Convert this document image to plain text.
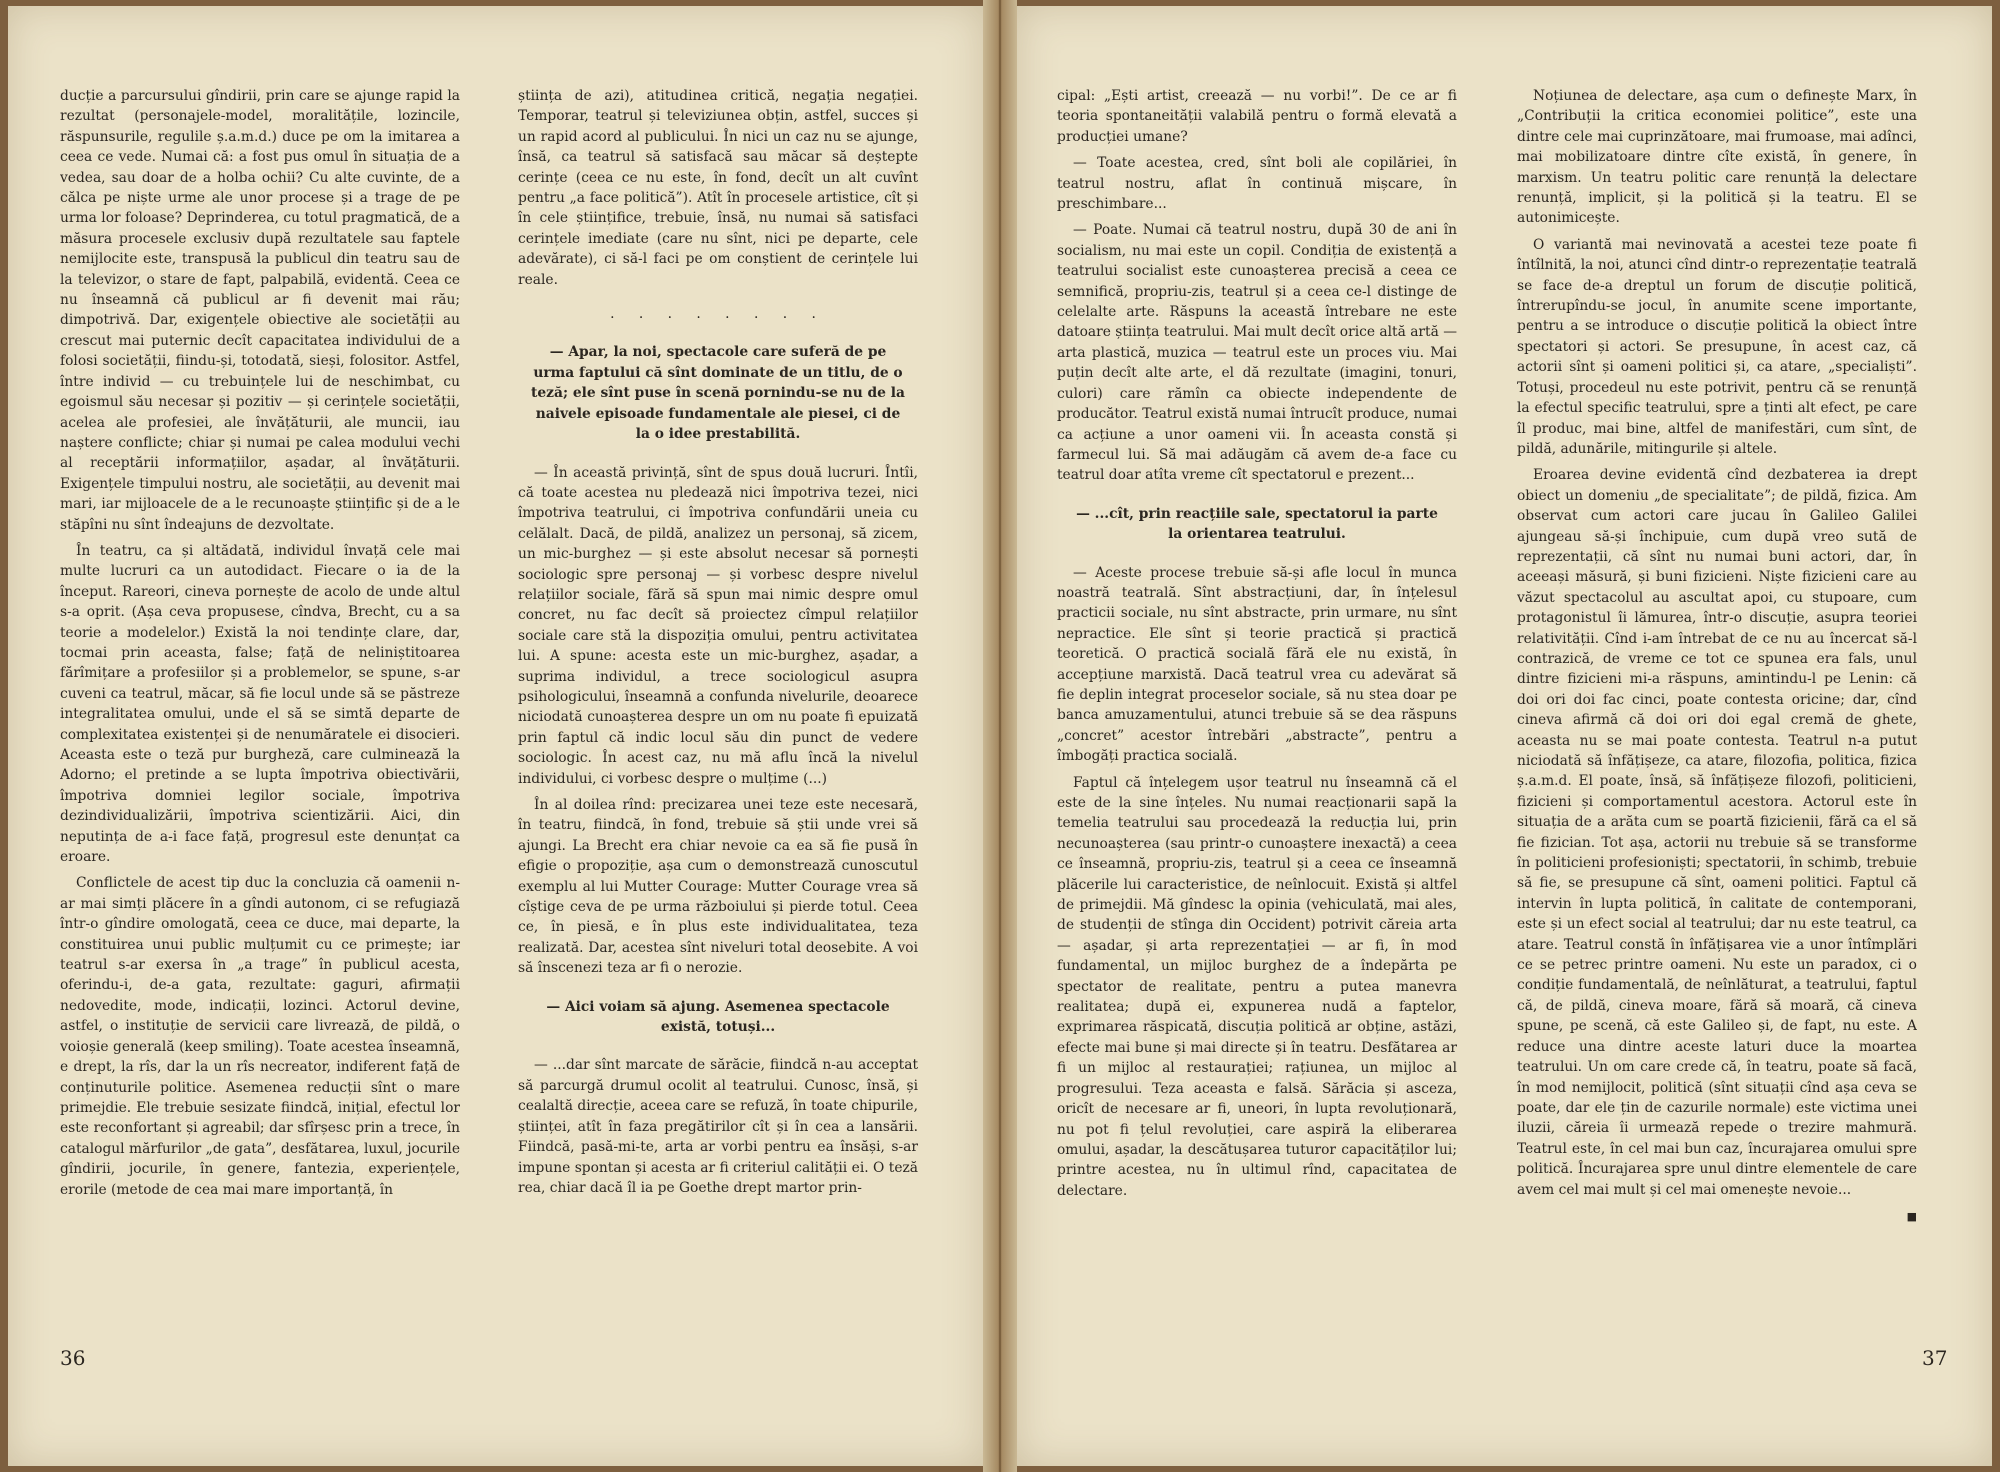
ducție a parcursului gîndirii, prin care se ajunge rapid la rezultat (personajele-model, moralitățile, lozincile, răspunsurile, regulile ș.a.m.d.) duce pe om la imitarea a ceea ce vede. Numai că: a fost pus omul în situația de a vedea, sau doar de a holba ochii? Cu alte cuvinte, de a călca pe niște urme ale unor procese și a trage de pe urma lor foloase? Deprinderea, cu totul pragmatică, de a măsura procesele exclusiv după rezultatele sau faptele nemijlocite este, transpusă la publicul din teatru sau de la televizor, o stare de fapt, palpabilă, evidentă. Ceea ce nu înseamnă că publicul ar fi devenit mai rău; dimpotrivă. Dar, exigențele obiective ale societății au crescut mai puternic decît capacitatea individului de a folosi societății, fiindu-și, totodată, sieși, folositor. Astfel, între individ — cu trebuințele lui de neschimbat, cu egoismul său necesar și pozitiv — și cerințele societății, acelea ale profesiei, ale învățăturii, ale muncii, iau naștere conflicte; chiar și numai pe calea modului vechi al receptării informațiilor, așadar, al învățăturii. Exigențele timpului nostru, ale societății, au devenit mai mari, iar mijloacele de a le recunoaște științific și de a le stăpîni nu sînt îndeajuns de dezvoltate.

În teatru, ca și altădată, individul învață cele mai multe lucruri ca un autodidact. Fiecare o ia de la început. Rareori, cineva pornește de acolo de unde altul s-a oprit. (Așa ceva propusese, cîndva, Brecht, cu a sa teorie a modelelor.) Există la noi tendințe clare, dar, tocmai prin aceasta, false; față de neliniștitoarea fărîmițare a profesiilor și a problemelor, se spune, s-ar cuveni ca teatrul, măcar, să fie locul unde să se păstreze integralitatea omului, unde el să se simtă departe de complexitatea existenței și de nenumăratele ei disocieri. Aceasta este o teză pur burgheză, care culminează la Adorno; el pretinde a se lupta împotriva obiectivării, împotriva domniei legilor sociale, împotriva dezindividualizării, împotriva scientizării. Aici, din neputința de a-i face față, progresul este denunțat ca eroare.

Conflictele de acest tip duc la concluzia că oamenii n-ar mai simți plăcere în a gîndi autonom, ci se refugiază într-o gîndire omologată, ceea ce duce, mai departe, la constituirea unui public mulțumit cu ce primește; iar teatrul s-ar exersa în „a trage” în publicul acesta, oferindu-i, de-a gata, rezultate: gaguri, afirmații nedovedite, mode, indicații, lozinci. Actorul devine, astfel, o instituție de servicii care livrează, de pildă, o voioșie generală (keep smiling). Toate acestea înseamnă, e drept, la rîs, dar la un rîs necreator, indiferent față de conținuturile politice. Asemenea reducții sînt o mare primejdie. Ele trebuie sesizate fiindcă, inițial, efectul lor este reconfortant și agreabil; dar sfîrșesc prin a trece, în catalogul mărfurilor „de gata”, desfătarea, luxul, jocurile gîndirii, jocurile, în genere, fantezia, experiențele, erorile (metode de cea mai mare importanță, în

știința de azi), atitudinea critică, negația negației. Temporar, teatrul și televiziunea obțin, astfel, succes și un rapid acord al publicului. În nici un caz nu se ajunge, însă, ca teatrul să satisfacă sau măcar să deștepte cerințe (ceea ce nu este, în fond, decît un alt cuvînt pentru „a face politică”). Atît în procesele artistice, cît și în cele științifice, trebuie, însă, nu numai să satisfaci cerințele imediate (care nu sînt, nici pe departe, cele adevărate), ci să-l faci pe om conștient de cerințele lui reale.

. . . . . . . .

— Apar, la noi, spectacole care suferă de pe urma faptului că sînt dominate de un titlu, de o teză; ele sînt puse în scenă pornindu-se nu de la naivele episoade fundamentale ale piesei, ci de la o idee prestabilită.

— În această privință, sînt de spus două lucruri. Întîi, că toate acestea nu pledează nici împotriva tezei, nici împotriva teatrului, ci împotriva confundării uneia cu celălalt. Dacă, de pildă, analizez un personaj, să zicem, un mic-burghez — și este absolut necesar să pornești sociologic spre personaj — și vorbesc despre nivelul relațiilor sociale, fără să spun mai nimic despre omul concret, nu fac decît să proiectez cîmpul relațiilor sociale care stă la dispoziția omului, pentru activitatea lui. A spune: acesta este un mic-burghez, așadar, a suprima individul, a trece sociologicul asupra psihologicului, înseamnă a confunda nivelurile, deoarece niciodată cunoașterea despre un om nu poate fi epuizată prin faptul că indic locul său din punct de vedere sociologic. În acest caz, nu mă aflu încă la nivelul individului, ci vorbesc despre o mulțime (...)

În al doilea rînd: precizarea unei teze este necesară, în teatru, fiindcă, în fond, trebuie să știi unde vrei să ajungi. La Brecht era chiar nevoie ca ea să fie pusă în efigie o propoziție, așa cum o demonstrează cunoscutul exemplu al lui Mutter Courage: Mutter Courage vrea să cîștige ceva de pe urma războiului și pierde totul. Ceea ce, în piesă, e în plus este individualitatea, teza realizată. Dar, acestea sînt niveluri total deosebite. A voi să înscenezi teza ar fi o nerozie.

— Aici voiam să ajung. Asemenea spectacole există, totuși...

— ...dar sînt marcate de sărăcie, fiindcă n-au acceptat să parcurgă drumul ocolit al teatrului. Cunosc, însă, și cealaltă direcție, aceea care se refuză, în toate chipurile, științei, atît în faza pregătirilor cît și în cea a lansării. Fiindcă, pasă-mi-te, arta ar vorbi pentru ea însăși, s-ar impune spontan și acesta ar fi criteriul calității ei. O teză rea, chiar dacă îl ia pe Goethe drept martor prin-

36

cipal: „Ești artist, creează — nu vorbi!”. De ce ar fi teoria spontaneității valabilă pentru o formă elevată a producției umane?

— Toate acestea, cred, sînt boli ale copilăriei, în teatrul nostru, aflat în continuă mișcare, în preschimbare...

— Poate. Numai că teatrul nostru, după 30 de ani în socialism, nu mai este un copil. Condiția de existență a teatrului socialist este cunoașterea precisă a ceea ce semnifică, propriu-zis, teatrul și a ceea ce-l distinge de celelalte arte. Răspuns la această întrebare ne este datoare știința teatrului. Mai mult decît orice altă artă — arta plastică, muzica — teatrul este un proces viu. Mai puțin decît alte arte, el dă rezultate (imagini, tonuri, culori) care rămîn ca obiecte independente de producător. Teatrul există numai întrucît produce, numai ca acțiune a unor oameni vii. În aceasta constă și farmecul lui. Să mai adăugăm că avem de-a face cu teatrul doar atîta vreme cît spectatorul e prezent...

— ...cît, prin reacțiile sale, spectatorul ia parte la orientarea teatrului.

— Aceste procese trebuie să-și afle locul în munca noastră teatrală. Sînt abstracțiuni, dar, în înțelesul practicii sociale, nu sînt abstracte, prin urmare, nu sînt nepractice. Ele sînt și teorie practică și practică teoretică. O practică socială fără ele nu există, în accepțiune marxistă. Dacă teatrul vrea cu adevărat să fie deplin integrat proceselor sociale, să nu stea doar pe banca amuzamentului, atunci trebuie să se dea răspuns „concret” acestor întrebări „abstracte”, pentru a îmbogăți practica socială.

Faptul că înțelegem ușor teatrul nu înseamnă că el este de la sine înțeles. Nu numai reacționarii sapă la temelia teatrului sau procedează la reducția lui, prin necunoașterea (sau printr-o cunoaștere inexactă) a ceea ce înseamnă, propriu-zis, teatrul și a ceea ce înseamnă plăcerile lui caracteristice, de neînlocuit. Există și altfel de primejdii. Mă gîndesc la opinia (vehiculată, mai ales, de studenții de stînga din Occident) potrivit căreia arta — așadar, și arta reprezentației — ar fi, în mod fundamental, un mijloc burghez de a îndepărta pe spectator de realitate, pentru a putea manevra realitatea; după ei, expunerea nudă a faptelor, exprimarea răspicată, discuția politică ar obține, astăzi, efecte mai bune și mai directe și în teatru. Desfătarea ar fi un mijloc al restaurației; rațiunea, un mijloc al progresului. Teza aceasta e falsă. Sărăcia și asceza, oricît de necesare ar fi, uneori, în lupta revoluționară, nu pot fi țelul revoluției, care aspiră la eliberarea omului, așadar, la descătușarea tuturor capacităților lui; printre acestea, nu în ultimul rînd, capacitatea de delectare.

Noțiunea de delectare, așa cum o definește Marx, în „Contribuții la critica economiei politice”, este una dintre cele mai cuprinzătoare, mai frumoase, mai adînci, mai mobilizatoare dintre cîte există, în genere, în marxism. Un teatru politic care renunță la delectare renunță, implicit, și la politică și la teatru. El se autonimicește.

O variantă mai nevinovată a acestei teze poate fi întîlnită, la noi, atunci cînd dintr-o reprezentație teatrală se face de-a dreptul un forum de discuție politică, întrerupîndu-se jocul, în anumite scene importante, pentru a se introduce o discuție politică la obiect între spectatori și actori. Se presupune, în acest caz, că actorii sînt și oameni politici și, ca atare, „specialiști”. Totuși, procedeul nu este potrivit, pentru că se renunță la efectul specific teatrului, spre a ținti alt efect, pe care îl produc, mai bine, altfel de manifestări, cum sînt, de pildă, adunările, mitingurile și altele.

Eroarea devine evidentă cînd dezbaterea ia drept obiect un domeniu „de specialitate”; de pildă, fizica. Am observat cum actori care jucau în Galileo Galilei ajungeau să-și închipuie, cum după vreo sută de reprezentații, că sînt nu numai buni actori, dar, în aceeași măsură, și buni fizicieni. Niște fizicieni care au văzut spectacolul au ascultat apoi, cu stupoare, cum protagonistul îi lămurea, într-o discuție, asupra teoriei relativității. Cînd i-am întrebat de ce nu au încercat să-l contrazică, de vreme ce tot ce spunea era fals, unul dintre fizicieni mi-a răspuns, amintindu-l pe Lenin: că doi ori doi fac cinci, poate contesta oricine; dar, cînd cineva afirmă că doi ori doi egal cremă de ghete, aceasta nu se mai poate contesta. Teatrul n-a putut niciodată să înfățișeze, ca atare, filozofia, politica, fizica ș.a.m.d. El poate, însă, să înfățișeze filozofi, politicieni, fizicieni și comportamentul acestora. Actorul este în situația de a arăta cum se poartă fizicienii, fără ca el să fie fizician. Tot așa, actorii nu trebuie să se transforme în politicieni profesioniști; spectatorii, în schimb, trebuie să fie, se presupune că sînt, oameni politici. Faptul că intervin în lupta politică, în calitate de contemporani, este și un efect social al teatrului; dar nu este teatrul, ca atare. Teatrul constă în înfățișarea vie a unor întîmplări ce se petrec printre oameni. Nu este un paradox, ci o condiție fundamentală, de neînlăturat, a teatrului, faptul că, de pildă, cineva moare, fără să moară, că cineva spune, pe scenă, că este Galileo și, de fapt, nu este. A reduce una dintre aceste laturi duce la moartea teatrului. Un om care crede că, în teatru, poate să facă, în mod nemijlocit, politică (sînt situații cînd așa ceva se poate, dar ele țin de cazurile normale) este victima unei iluzii, căreia îi urmează repede o trezire mahmură. Teatrul este, în cel mai bun caz, încurajarea omului spre politică. Încurajarea spre unul dintre elementele de care avem cel mai mult și cel mai omenește nevoie...

■

37
